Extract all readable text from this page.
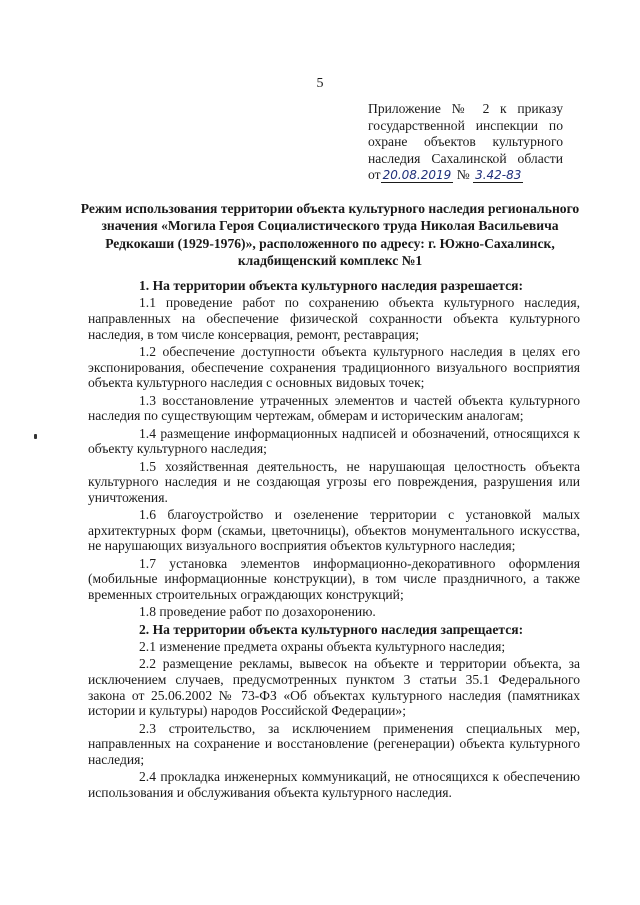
5
Приложение № 2 к приказу
государственной инспекции по
охране объектов культурного
наследия Сахалинской области
от 20.08.2019 № 3.42-83
Режим использования территории объекта культурного наследия регионального значения «Могила Героя Социалистического труда Николая Васильевича Редкокаши (1929-1976)», расположенного по адресу: г. Южно-Сахалинск, кладбищенский комплекс №1

1. На территории объекта культурного наследия разрешается:

1.1 проведение работ по сохранению объекта культурного наследия, направленных на обеспечение физической сохранности объекта культурного наследия, в том числе консервация, ремонт, реставрация;

1.2 обеспечение доступности объекта культурного наследия в целях его экспонирования, обеспечение сохранения традиционного визуального восприятия объекта культурного наследия с основных видовых точек;

1.3 восстановление утраченных элементов и частей объекта культурного наследия по существующим чертежам, обмерам и историческим аналогам;

1.4 размещение информационных надписей и обозначений, относящихся к объекту культурного наследия;

1.5 хозяйственная деятельность, не нарушающая целостность объекта культурного наследия и не создающая угрозы его повреждения, разрушения или уничтожения.

1.6 благоустройство и озеленение территории с установкой малых архитектурных форм (скамьи, цветочницы), объектов монументального искусства, не нарушающих визуального восприятия объектов культурного наследия;

1.7 установка элементов информационно-декоративного оформления (мобильные информационные конструкции), в том числе праздничного, а также временных строительных ограждающих конструкций;

1.8 проведение работ по дозахоронению.

2. На территории объекта культурного наследия запрещается:

2.1 изменение предмета охраны объекта культурного наследия;

2.2 размещение рекламы, вывесок на объекте и территории объекта, за исключением случаев, предусмотренных пунктом 3 статьи 35.1 Федерального закона от 25.06.2002 № 73-ФЗ «Об объектах культурного наследия (памятниках истории и культуры) народов Российской Федерации»;

2.3 строительство, за исключением применения специальных мер, направленных на сохранение и восстановление (регенерации) объекта культурного наследия;

2.4 прокладка инженерных коммуникаций, не относящихся к обеспечению использования и обслуживания объекта культурного наследия.
